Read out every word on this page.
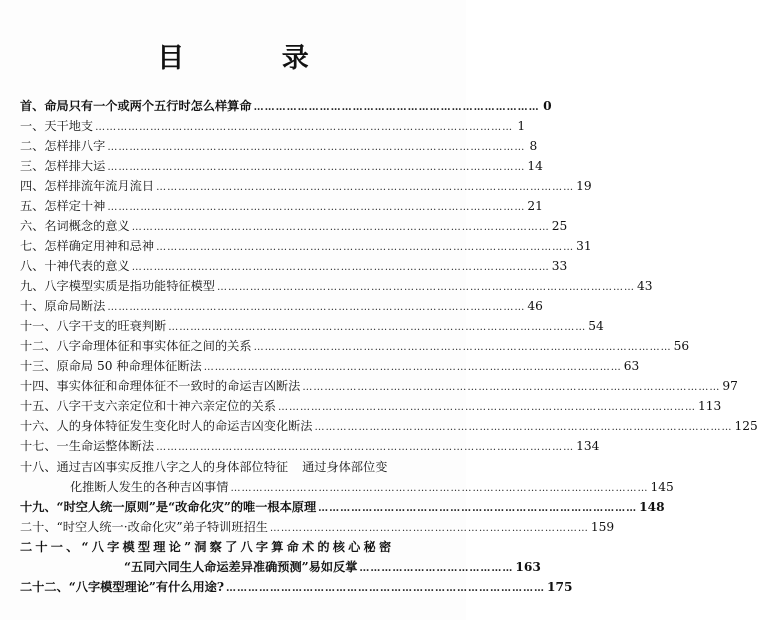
目 录
首、命局只有一个或两个五行时怎么样算命 …………………………………………………………………… 0
一、天干地支 …………………………………………………………………………………………………… 1
二、怎样排八字 …………………………………………………………………………………………………… 8
三、怎样排大运 …………………………………………………………………………………………………… 14
四、怎样排流年流月流日 …………………………………………………………………………………………………… 19
五、怎样定十神 …………………………………………………………………………………………………… 21
六、名词概念的意义 …………………………………………………………………………………………………… 25
七、怎样确定用神和忌神 …………………………………………………………………………………………………… 31
八、十神代表的意义 …………………………………………………………………………………………………… 33
九、八字模型实质是指功能特征模型 …………………………………………………………………………………………………… 43
十、原命局断法 …………………………………………………………………………………………………… 46
十一、八字干支的旺衰判断 …………………………………………………………………………………………………… 54
十二、八字命理体征和事实体征之间的关系 …………………………………………………………………………………………………… 56
十三、原命局 50 种命理体征断法 …………………………………………………………………………………………………… 63
十四、事实体征和命理体征不一致时的命运吉凶断法 …………………………………………………………………………………………………… 97
十五、八字干支六亲定位和十神六亲定位的关系 …………………………………………………………………………………………………… 113
十六、人的身体特征发生变化时人的命运吉凶变化断法 …………………………………………………………………………………………………… 125
十七、一生命运整体断法 …………………………………………………………………………………………………… 134
十八、通过吉凶事实反推八字之人的身体部位特征 通过身体部位变
化推断人发生的各种吉凶事情 …………………………………………………………………………………………………… 145
十九、“时空人统一原则”是“改命化灾”的唯一根本原理 …………………………………………………………………………… 148
二十、“时空人统一·改命化灾”弟子特训班招生 …………………………………………………………………………… 159
二十一、“八字模型理论”洞察了八字算命术的核心秘密
“五同六同生人命运差异准确预测”易如反掌 …………………………………… 163
二十二、“八字模型理论”有什么用途? …………………………………………………………………………… 175
